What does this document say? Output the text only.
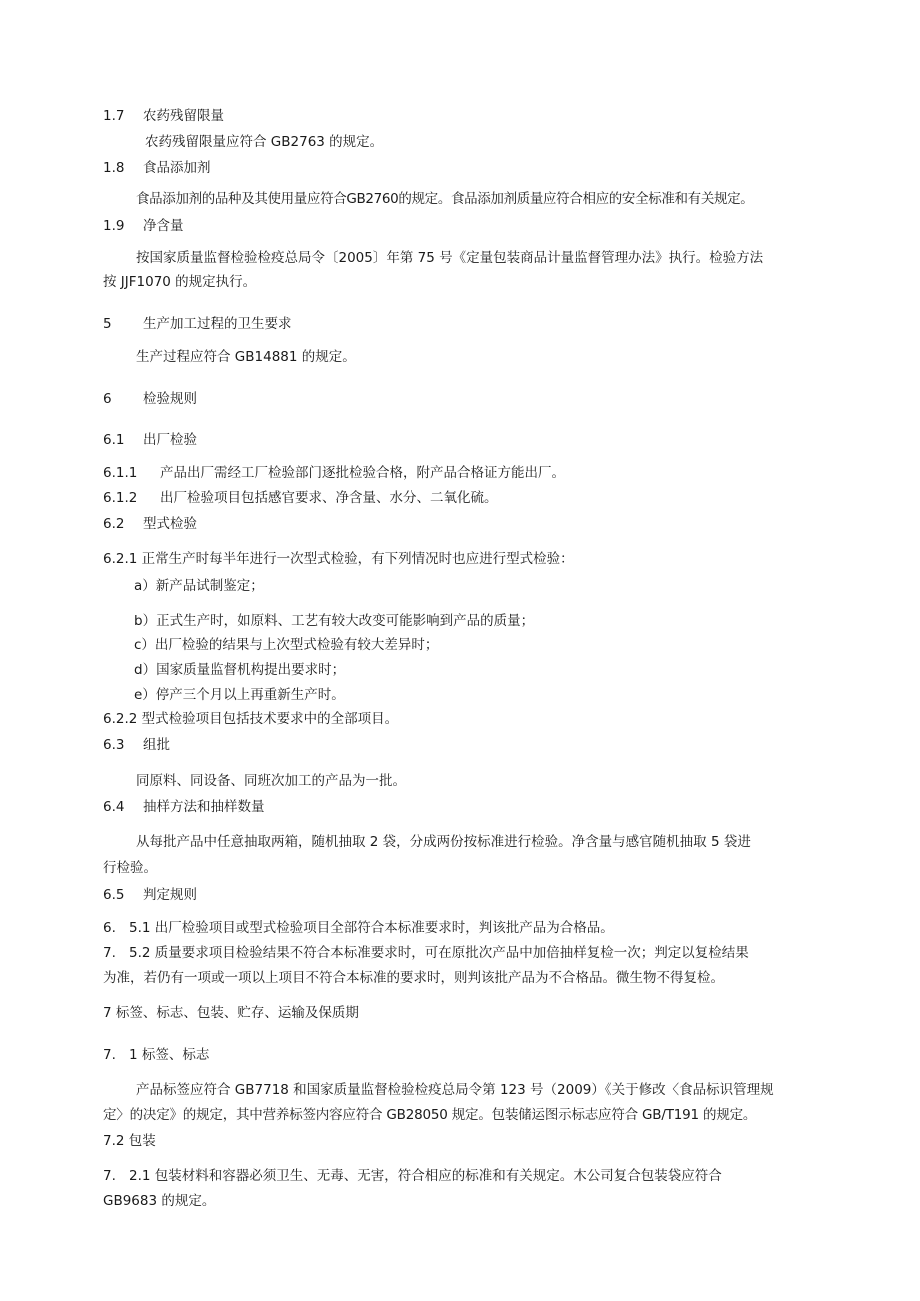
1.7 农药残留限量
农药残留限量应符合 GB2763 的规定。
1.8 食品添加剂
食品添加剂的品种及其使用量应符合GB2760的规定。食品添加剂质量应符合相应的安全标准和有关规定。
1.9 净含量
按国家质量监督检验检疫总局令〔2005〕年第 75 号《定量包装商品计量监督管理办法》执行。检验方法
按 JJF1070 的规定执行。
5 生产加工过程的卫生要求
生产过程应符合 GB14881 的规定。
6 检验规则
6.1 出厂检验
6.1.1 产品出厂需经工厂检验部门逐批检验合格，附产品合格证方能出厂。
6.1.2 出厂检验项目包括感官要求、净含量、水分、二氧化硫。
6.2 型式检验
6.2.1 正常生产时每半年进行一次型式检验，有下列情况时也应进行型式检验：
a）新产品试制鉴定；
b）正式生产时，如原料、工艺有较大改变可能影响到产品的质量；
c）出厂检验的结果与上次型式检验有较大差异时；
d）国家质量监督机构提出要求时；
e）停产三个月以上再重新生产时。
6.2.2 型式检验项目包括技术要求中的全部项目。
6.3 组批
同原料、同设备、同班次加工的产品为一批。
6.4 抽样方法和抽样数量
从每批产品中任意抽取两箱，随机抽取 2 袋，分成两份按标准进行检验。净含量与感官随机抽取 5 袋进
行检验。
6.5 判定规则
6. 5.1 出厂检验项目或型式检验项目全部符合本标准要求时，判该批产品为合格品。
7. 5.2 质量要求项目检验结果不符合本标准要求时，可在原批次产品中加倍抽样复检一次；判定以复检结果
为准，若仍有一项或一项以上项目不符合本标准的要求时，则判该批产品为不合格品。微生物不得复检。
7 标签、标志、包装、贮存、运输及保质期
7. 1 标签、标志
产品标签应符合 GB7718 和国家质量监督检验检疫总局令第 123 号（2009）《关于修改〈食品标识管理规
定〉的决定》的规定，其中营养标签内容应符合 GB28050 规定。包装储运图示标志应符合 GB/T191 的规定。
7.2 包装
7. 2.1 包装材料和容器必须卫生、无毒、无害，符合相应的标准和有关规定。木公司复合包装袋应符合
GB9683 的规定。
